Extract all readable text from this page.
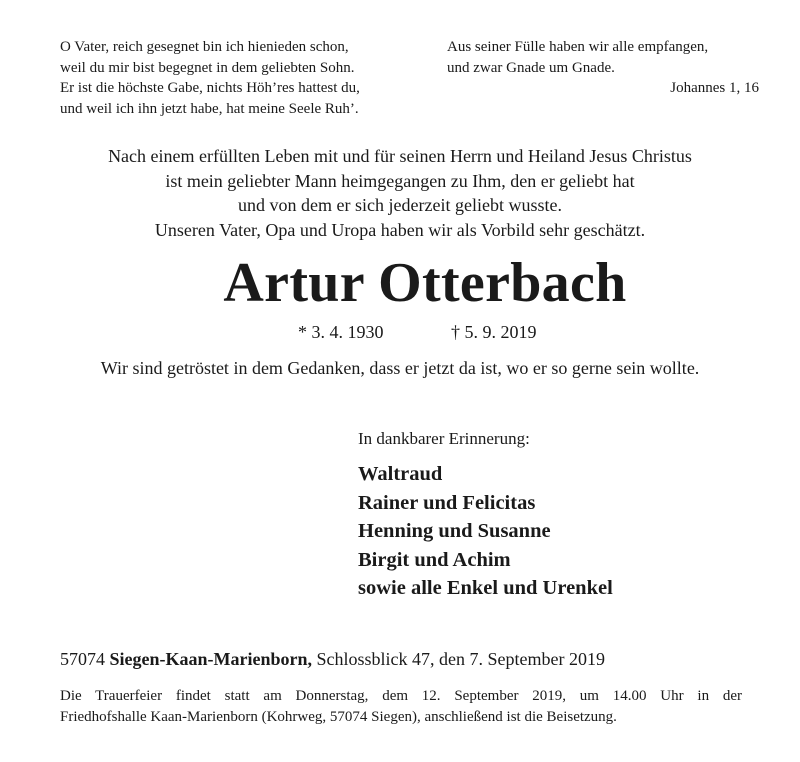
O Vater, reich gesegnet bin ich hienieden schon,
weil du mir bist begegnet in dem geliebten Sohn.
Er ist die höchste Gabe, nichts Höh’res hattest du,
und weil ich ihn jetzt habe, hat meine Seele Ruh’.
Aus seiner Fülle haben wir alle empfangen,
und zwar Gnade um Gnade.
Johannes 1, 16
Nach einem erfüllten Leben mit und für seinen Herrn und Heiland Jesus Christus
ist mein geliebter Mann heimgegangen zu Ihm, den er geliebt hat
und von dem er sich jederzeit geliebt wusste.
Unseren Vater, Opa und Uropa haben wir als Vorbild sehr geschätzt.
Artur Otterbach
* 3. 4. 1930	† 5. 9. 2019
Wir sind getröstet in dem Gedanken, dass er jetzt da ist, wo er so gerne sein wollte.
In dankbarer Erinnerung:
Waltraud
Rainer und Felicitas
Henning und Susanne
Birgit und Achim
sowie alle Enkel und Urenkel
57074 Siegen-Kaan-Marienborn, Schlossblick 47, den 7. September 2019
Die Trauerfeier findet statt am Donnerstag, dem 12. September 2019, um 14.00 Uhr in der
Friedhofshalle Kaan-Marienborn (Kohrweg, 57074 Siegen), anschließend ist die Beisetzung.
